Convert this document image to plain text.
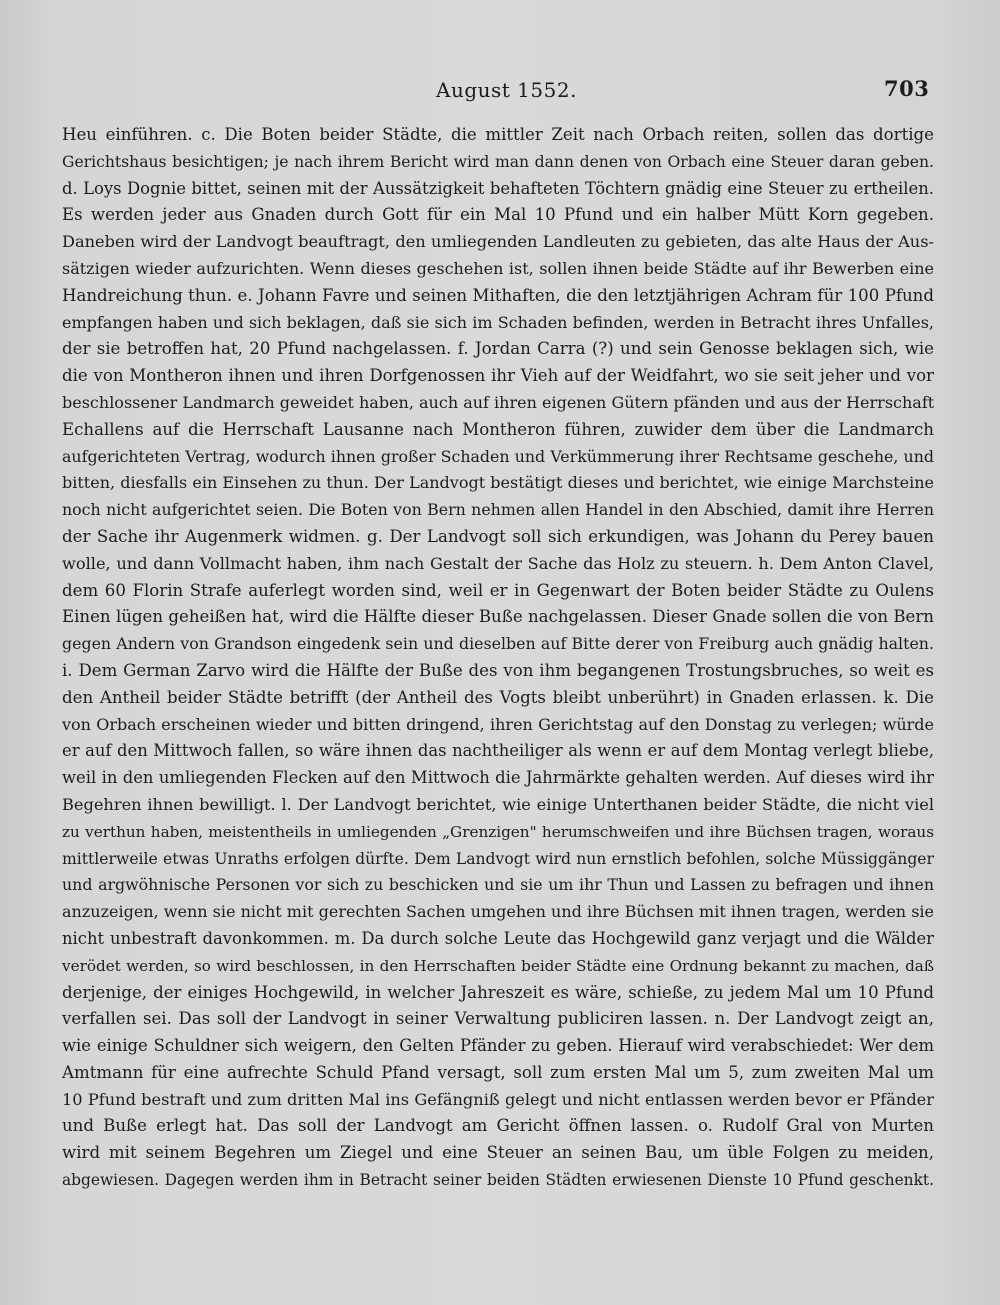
August 1552.	703
Heu einführen. c. Die Boten beider Städte, die mittler Zeit nach Orbach reiten, sollen das dortige
Gerichtshaus besichtigen; je nach ihrem Bericht wird man dann denen von Orbach eine Steuer daran geben.
d. Loys Dognie bittet, seinen mit der Aussätzigkeit behafteten Töchtern gnädig eine Steuer zu ertheilen.
Es werden jeder aus Gnaden durch Gott für ein Mal 10 Pfund und ein halber Mütt Korn gegeben.
Daneben wird der Landvogt beauftragt, den umliegenden Landleuten zu gebieten, das alte Haus der Aus-
sätzigen wieder aufzurichten. Wenn dieses geschehen ist, sollen ihnen beide Städte auf ihr Bewerben eine
Handreichung thun. e. Johann Favre und seinen Mithaften, die den letztjährigen Achram für 100 Pfund
empfangen haben und sich beklagen, daß sie sich im Schaden befinden, werden in Betracht ihres Unfalles,
der sie betroffen hat, 20 Pfund nachgelassen. f. Jordan Carra (?) und sein Genosse beklagen sich, wie
die von Montheron ihnen und ihren Dorfgenossen ihr Vieh auf der Weidfahrt, wo sie seit jeher und vor
beschlossener Landmarch geweidet haben, auch auf ihren eigenen Gütern pfänden und aus der Herrschaft
Echallens auf die Herrschaft Lausanne nach Montheron führen, zuwider dem über die Landmarch
aufgerichteten Vertrag, wodurch ihnen großer Schaden und Verkümmerung ihrer Rechtsame geschehe, und
bitten, diesfalls ein Einsehen zu thun. Der Landvogt bestätigt dieses und berichtet, wie einige Marchsteine
noch nicht aufgerichtet seien. Die Boten von Bern nehmen allen Handel in den Abschied, damit ihre Herren
der Sache ihr Augenmerk widmen. g. Der Landvogt soll sich erkundigen, was Johann du Perey bauen
wolle, und dann Vollmacht haben, ihm nach Gestalt der Sache das Holz zu steuern. h. Dem Anton Clavel,
dem 60 Florin Strafe auferlegt worden sind, weil er in Gegenwart der Boten beider Städte zu Oulens
Einen lügen geheißen hat, wird die Hälfte dieser Buße nachgelassen. Dieser Gnade sollen die von Bern
gegen Andern von Grandson eingedenk sein und dieselben auf Bitte derer von Freiburg auch gnädig halten.
i. Dem German Zarvo wird die Hälfte der Buße des von ihm begangenen Trostungsbruches, so weit es
den Antheil beider Städte betrifft (der Antheil des Vogts bleibt unberührt) in Gnaden erlassen. k. Die
von Orbach erscheinen wieder und bitten dringend, ihren Gerichtstag auf den Donstag zu verlegen; würde
er auf den Mittwoch fallen, so wäre ihnen das nachtheiliger als wenn er auf dem Montag verlegt bliebe,
weil in den umliegenden Flecken auf den Mittwoch die Jahrmärkte gehalten werden. Auf dieses wird ihr
Begehren ihnen bewilligt. l. Der Landvogt berichtet, wie einige Unterthanen beider Städte, die nicht viel
zu verthun haben, meistentheils in umliegenden „Grenzigen" herumschweifen und ihre Büchsen tragen, woraus
mittlerweile etwas Unraths erfolgen dürfte. Dem Landvogt wird nun ernstlich befohlen, solche Müssiggänger
und argwöhnische Personen vor sich zu beschicken und sie um ihr Thun und Lassen zu befragen und ihnen
anzuzeigen, wenn sie nicht mit gerechten Sachen umgehen und ihre Büchsen mit ihnen tragen, werden sie
nicht unbestraft davonkommen. m. Da durch solche Leute das Hochgewild ganz verjagt und die Wälder
verödet werden, so wird beschlossen, in den Herrschaften beider Städte eine Ordnung bekannt zu machen, daß
derjenige, der einiges Hochgewild, in welcher Jahreszeit es wäre, schieße, zu jedem Mal um 10 Pfund
verfallen sei. Das soll der Landvogt in seiner Verwaltung publiciren lassen. n. Der Landvogt zeigt an,
wie einige Schuldner sich weigern, den Gelten Pfänder zu geben. Hierauf wird verabschiedet: Wer dem
Amtmann für eine aufrechte Schuld Pfand versagt, soll zum ersten Mal um 5, zum zweiten Mal um
10 Pfund bestraft und zum dritten Mal ins Gefängniß gelegt und nicht entlassen werden bevor er Pfänder
und Buße erlegt hat. Das soll der Landvogt am Gericht öffnen lassen. o. Rudolf Gral von Murten
wird mit seinem Begehren um Ziegel und eine Steuer an seinen Bau, um üble Folgen zu meiden,
abgewiesen. Dagegen werden ihm in Betracht seiner beiden Städten erwiesenen Dienste 10 Pfund geschenkt.
